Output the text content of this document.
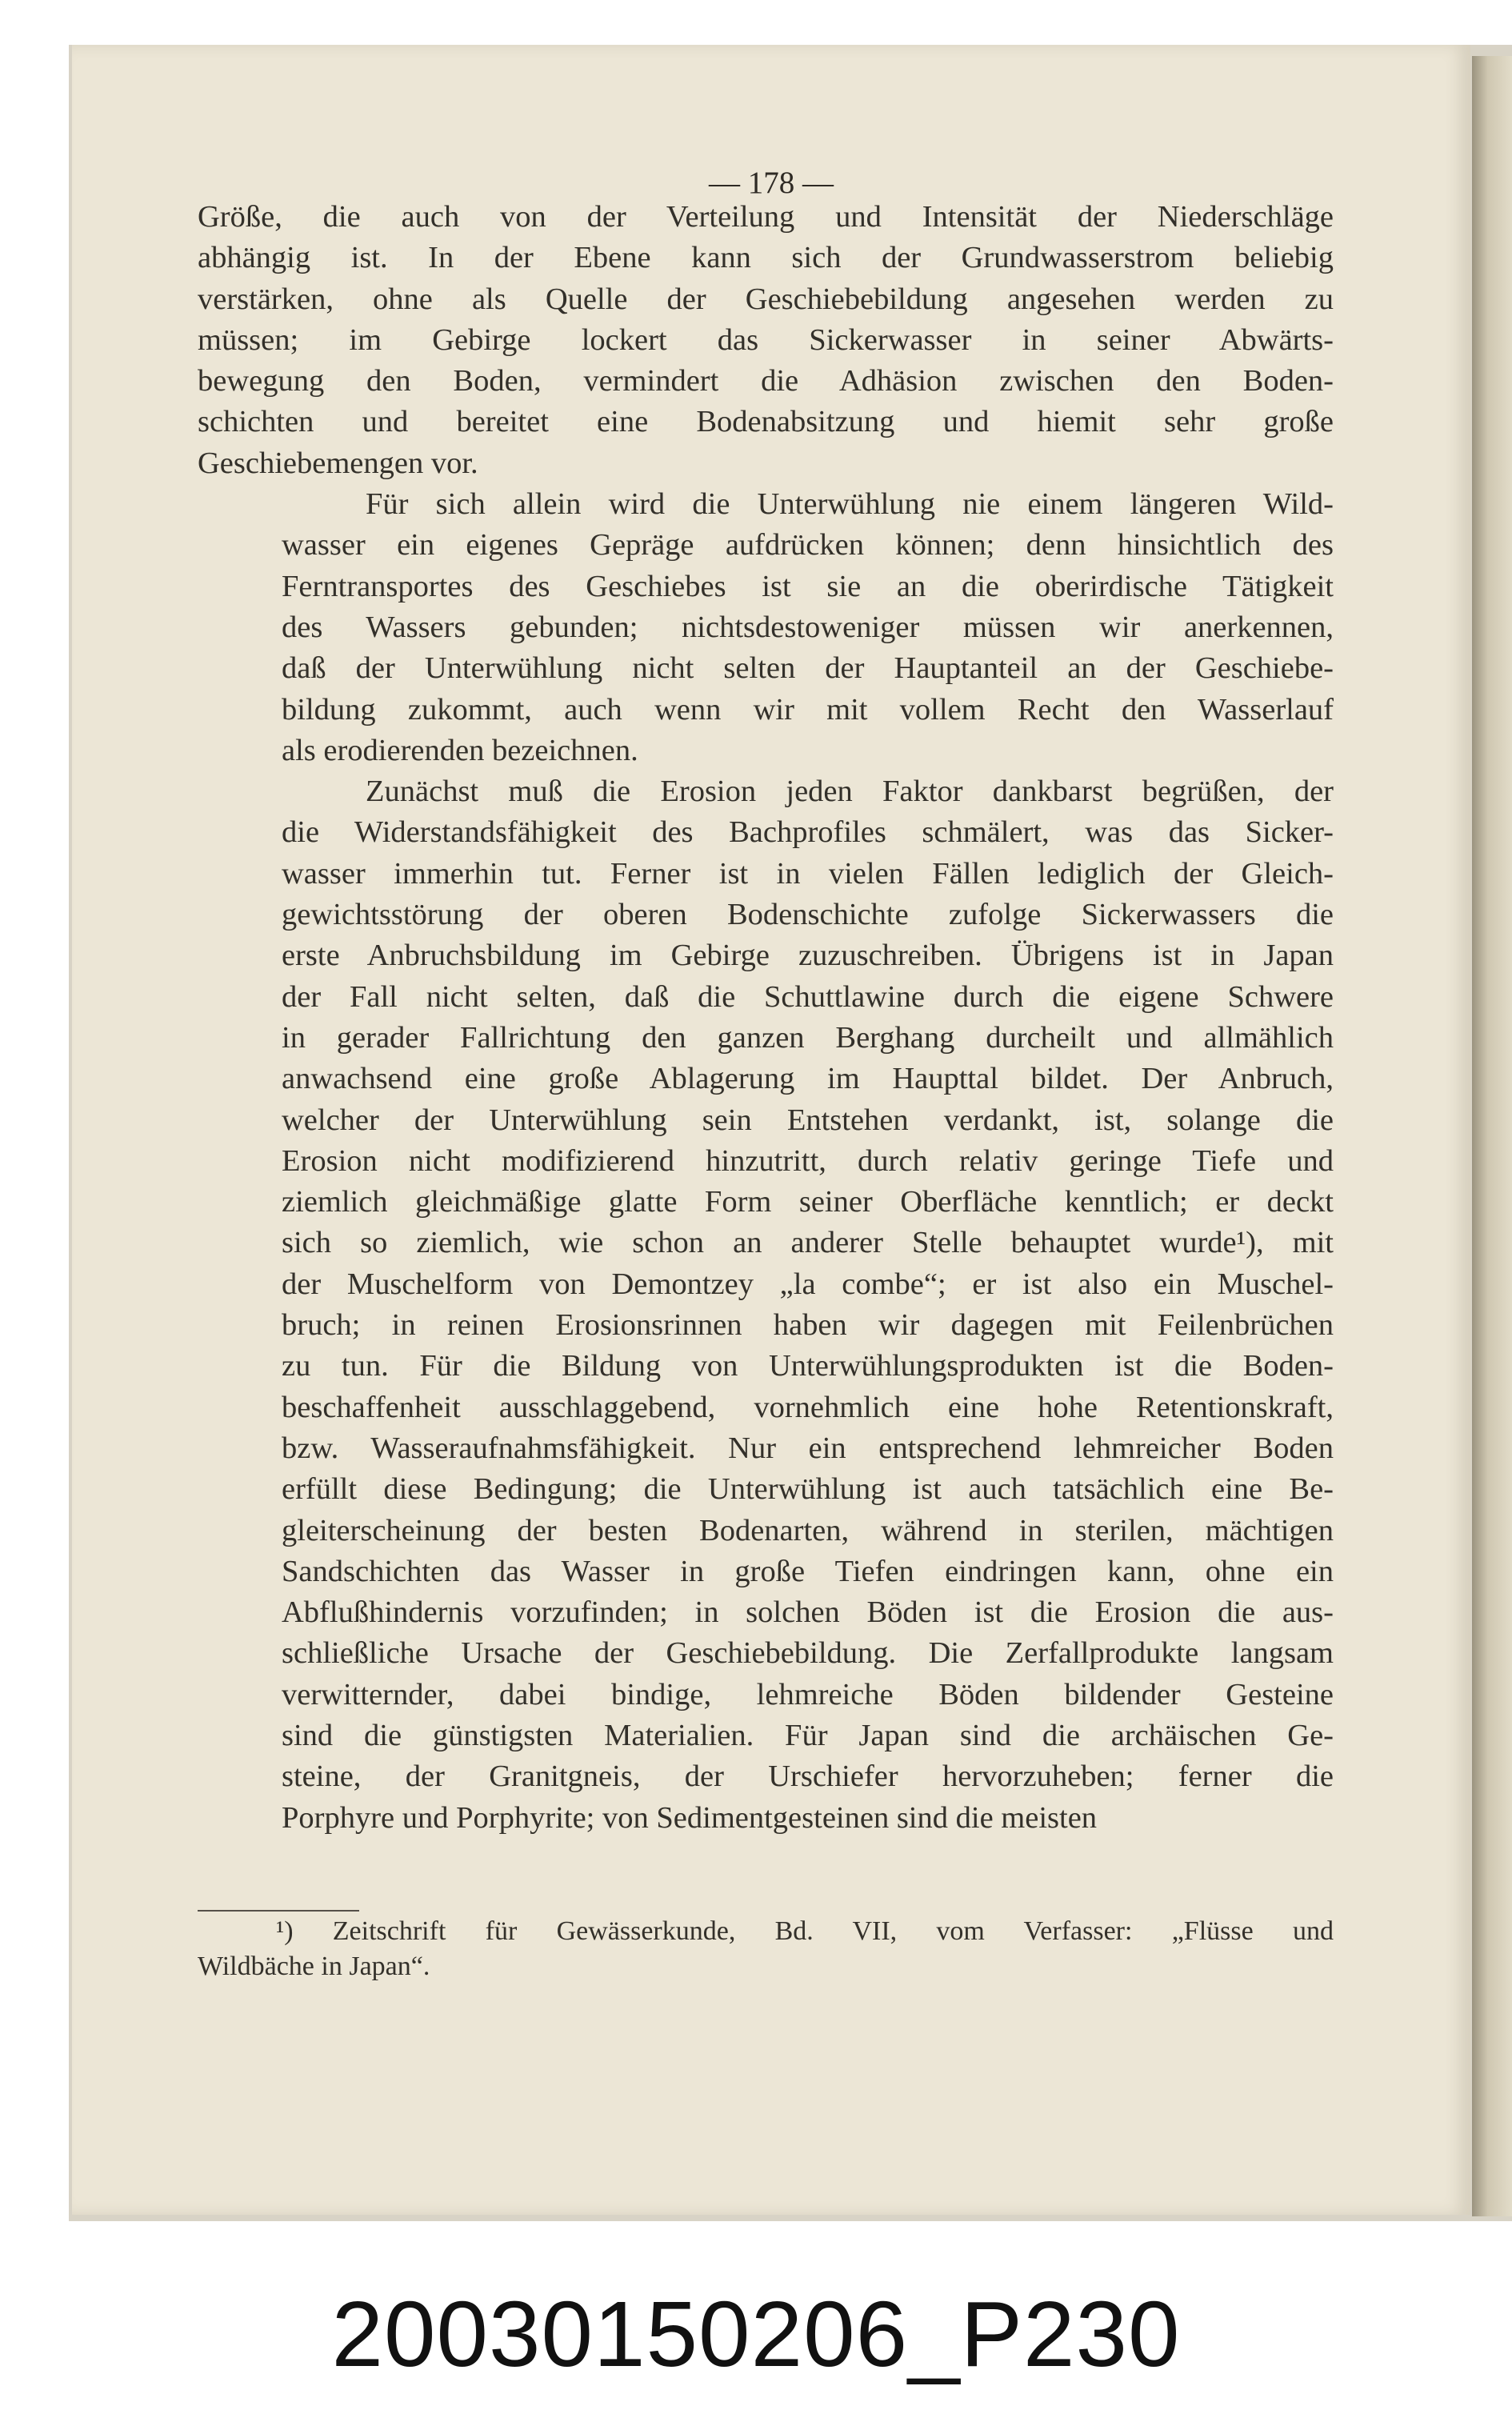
— 178 —

Größe, die auch von der Verteilung und Intensität der Niederschläge
abhängig ist. In der Ebene kann sich der Grundwasserstrom beliebig
verstärken, ohne als Quelle der Geschiebebildung angesehen werden zu
müssen; im Gebirge lockert das Sickerwasser in seiner Abwärts-
bewegung den Boden, vermindert die Adhäsion zwischen den Boden-
schichten und bereitet eine Bodenabsitzung und hiemit sehr große
Geschiebemengen vor.

Für sich allein wird die Unterwühlung nie einem längeren Wild-
wasser ein eigenes Gepräge aufdrücken können; denn hinsichtlich des
Ferntransportes des Geschiebes ist sie an die oberirdische Tätigkeit
des Wassers gebunden; nichtsdestoweniger müssen wir anerkennen,
daß der Unterwühlung nicht selten der Hauptanteil an der Geschiebe-
bildung zukommt, auch wenn wir mit vollem Recht den Wasserlauf
als erodierenden bezeichnen.

Zunächst muß die Erosion jeden Faktor dankbarst begrüßen, der
die Widerstandsfähigkeit des Bachprofiles schmälert, was das Sicker-
wasser immerhin tut. Ferner ist in vielen Fällen lediglich der Gleich-
gewichtsstörung der oberen Bodenschichte zufolge Sickerwassers die
erste Anbruchsbildung im Gebirge zuzuschreiben. Übrigens ist in Japan
der Fall nicht selten, daß die Schuttlawine durch die eigene Schwere
in gerader Fallrichtung den ganzen Berghang durcheilt und allmählich
anwachsend eine große Ablagerung im Haupttal bildet. Der Anbruch,
welcher der Unterwühlung sein Entstehen verdankt, ist, solange die
Erosion nicht modifizierend hinzutritt, durch relativ geringe Tiefe und
ziemlich gleichmäßige glatte Form seiner Oberfläche kenntlich; er deckt
sich so ziemlich, wie schon an anderer Stelle behauptet wurde¹), mit
der Muschelform von Demontzey „la combe“; er ist also ein Muschel-
bruch; in reinen Erosionsrinnen haben wir dagegen mit Feilenbrüchen
zu tun. Für die Bildung von Unterwühlungsprodukten ist die Boden-
beschaffenheit ausschlaggebend, vornehmlich eine hohe Retentionskraft,
bzw. Wasseraufnahmsfähigkeit. Nur ein entsprechend lehmreicher Boden
erfüllt diese Bedingung; die Unterwühlung ist auch tatsächlich eine Be-
gleiterscheinung der besten Bodenarten, während in sterilen, mächtigen
Sandschichten das Wasser in große Tiefen eindringen kann, ohne ein
Abflußhindernis vorzufinden; in solchen Böden ist die Erosion die aus-
schließliche Ursache der Geschiebebildung. Die Zerfallprodukte langsam
verwitternder, dabei bindige, lehmreiche Böden bildender Gesteine
sind die günstigsten Materialien. Für Japan sind die archäischen Ge-
steine, der Granitgneis, der Urschiefer hervorzuheben; ferner die
Porphyre und Porphyrite; von Sedimentgesteinen sind die meisten

¹) Zeitschrift für Gewässerkunde, Bd. VII, vom Verfasser: „Flüsse und
Wildbäche in Japan“.
20030150206_P230
